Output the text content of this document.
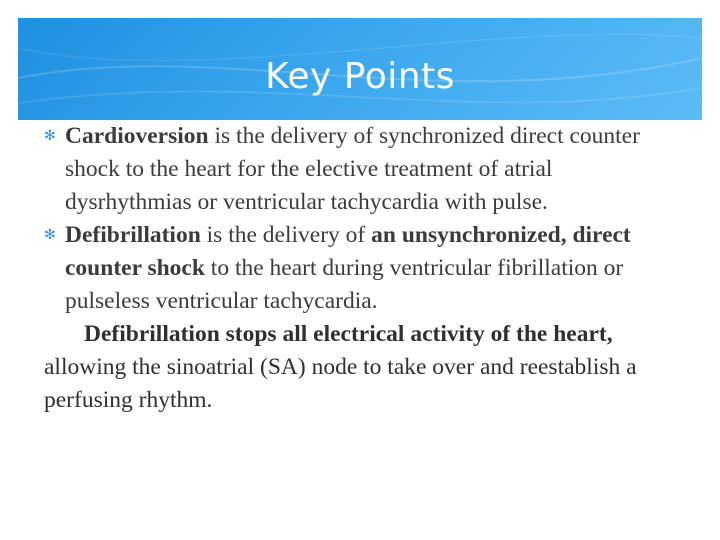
Key Points

✻ Cardioversion is the delivery of synchronized direct counter shock to the heart for the elective treatment of atrial dysrhythmias or ventricular tachycardia with pulse.

✻ Defibrillation is the delivery of an unsynchronized, direct counter shock to the heart during ventricular fibrillation or pulseless ventricular tachycardia.

Defibrillation stops all electrical activity of the heart, allowing the sinoatrial (SA) node to take over and reestablish a perfusing rhythm.
